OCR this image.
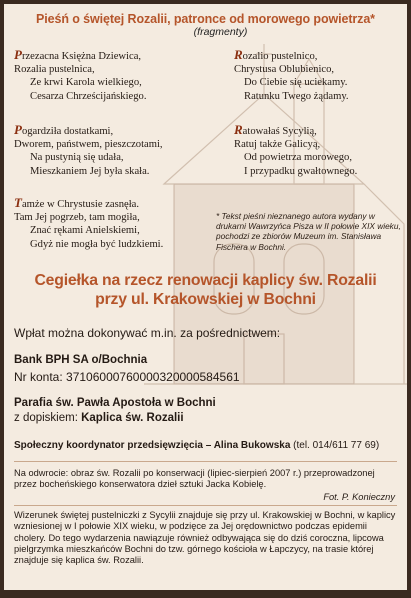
Pieśń o świętej Rozalii, patronce od morowego powietrza*
(fragmenty)
Przezacna Księżna Dziewica,
Rozalia pustelnica,
Ze krwi Karola wielkiego,
Cesarza Chrześcijańskiego.
Pogardziła dostatkami,
Dworem, państwem, pieszczotami,
Na pustynią się udała,
Mieszkaniem Jej była skała.
Tamże w Chrystusie zasnęła.
Tam Jej pogrzeb, tam mogiła,
Znać rękami Anielskiemi,
Gdyż nie mogła być ludzkiemi.
Rozalio pustelnico,
Chrystusa Oblubienico,
Do Ciebie się uciekamy.
Ratunku Twego żądamy.
Ratowałaś Sycylią,
Ratuj także Galicyą,
Od powietrza morowego,
I przypadku gwałtownego.
* Tekst pieśni nieznanego autora wydany w drukarni Wawrzyńca Pisza w II połowie XIX wieku, pochodzi ze zbiorów Muzeum im. Stanisława Fischera w Bochni.
Cegiełka na rzecz renowacji kaplicy św. Rozalii
przy ul. Krakowskiej w Bochni
Wpłat można dokonywać m.in. za pośrednictwem:
Bank BPH SA o/Bochnia
Nr konta: 37106000760000320000584561
Parafia św. Pawła Apostoła w Bochni
z dopiskiem: Kaplica św. Rozalii
Społeczny koordynator przedsięwzięcia – Alina Bukowska (tel. 014/611 77 69)
Na odwrocie: obraz św. Rozalii po konserwacji (lipiec-sierpień 2007 r.) przeprowadzonej przez bocheńskiego konserwatora dzieł sztuki Jacka Kobielę.
Fot. P. Konieczny
Wizerunek świętej pustelniczki z Sycylii znajduje się przy ul. Krakowskiej w Bochni, w kaplicy wzniesionej w I połowie XIX wieku, w podzięce za Jej orędownictwo podczas epidemii cholery. Do tego wydarzenia nawiązuje również odbywająca się do dziś coroczna, lipcowa pielgrzymka mieszkańców Bochni do tzw. górnego kościoła w Łapczycy, na trasie której znajduje się kaplica św. Rozalii.
